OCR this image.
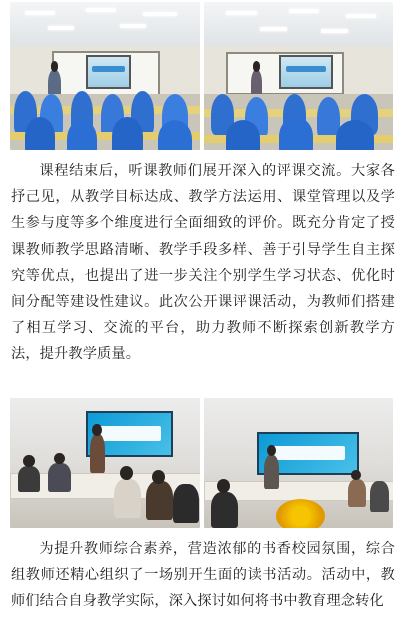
课程结束后，听课教师们展开深入的评课交流。大家各抒己见，从教学目标达成、教学方法运用、课堂管理以及学生参与度等多个维度进行全面细致的评价。既充分肯定了授课教师教学思路清晰、教学手段多样、善于引导学生自主探究等优点，也提出了进一步关注个别学生学习状态、优化时间分配等建设性建议。此次公开课评课活动，为教师们搭建了相互学习、交流的平台，助力教师不断探索创新教学方法，提升教学质量。

为提升教师综合素养，营造浓郁的书香校园氛围，综合组教师还精心组织了一场别开生面的读书活动。活动中，教师们结合自身教学实际，深入探讨如何将书中教育理念转化
